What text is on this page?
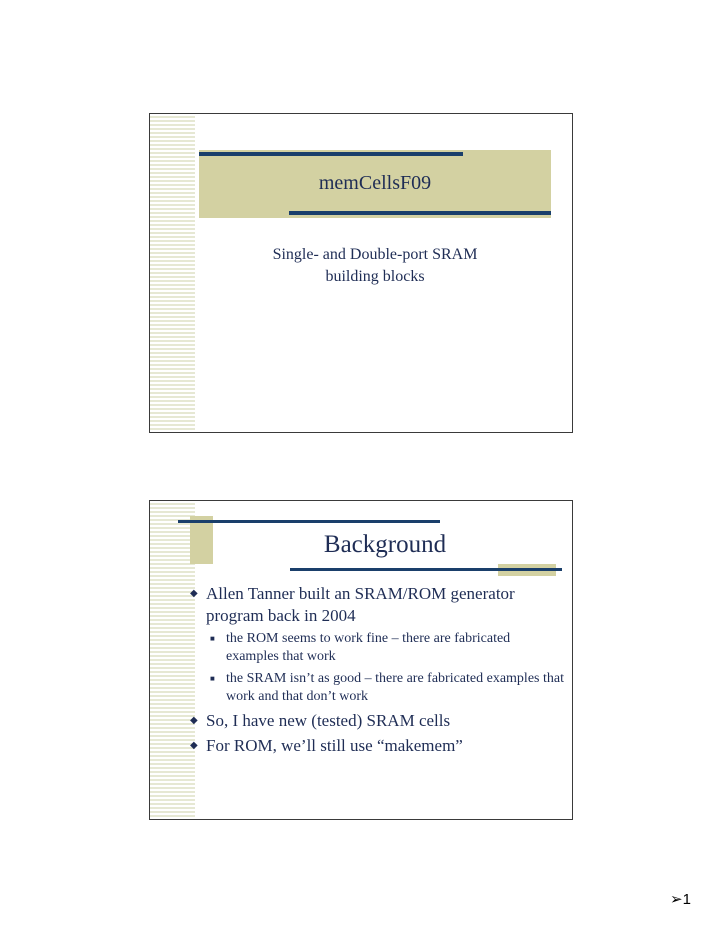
memCellsF09
Single- and Double-port SRAM
building blocks
Background
◆ Allen Tanner built an SRAM/ROM generator program back in 2004
■ the ROM seems to work fine – there are fabricated examples that work
■ the SRAM isn’t as good – there are fabricated examples that work and that don’t work
◆ So, I have new (tested) SRAM cells
◆ For ROM, we’ll still use “makemem”
➢1
